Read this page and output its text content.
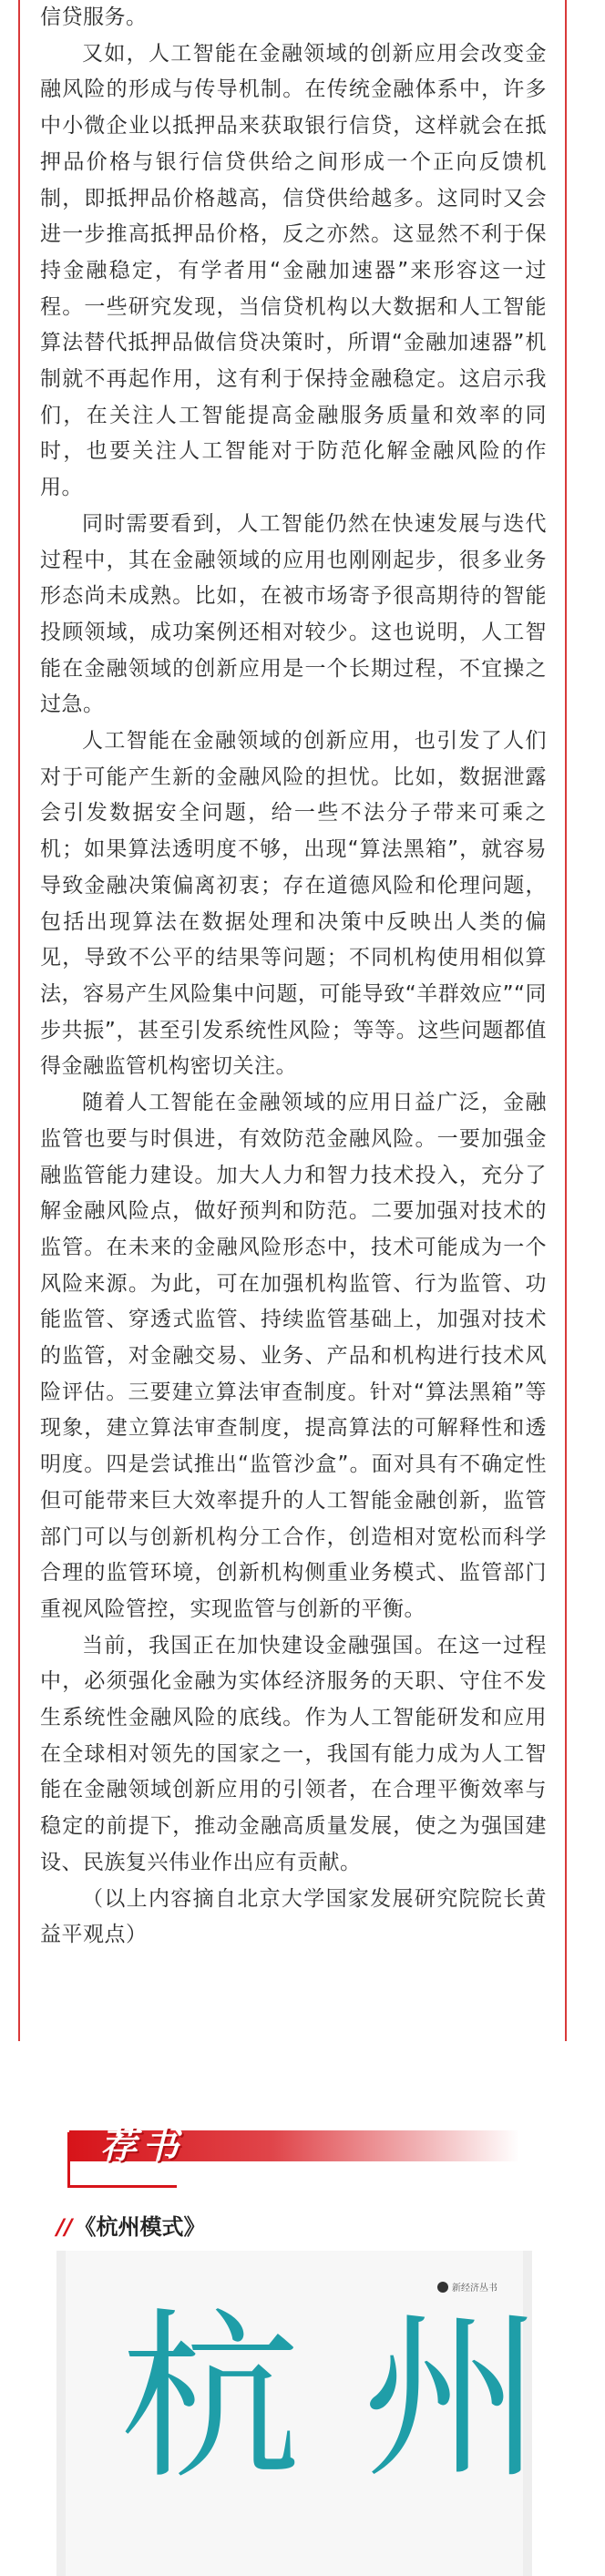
信贷服务。

又如，人工智能在金融领域的创新应用会改变金融风险的形成与传导机制。在传统金融体系中，许多中小微企业以抵押品来获取银行信贷，这样就会在抵押品价格与银行信贷供给之间形成一个正向反馈机制，即抵押品价格越高，信贷供给越多。这同时又会进一步推高抵押品价格，反之亦然。这显然不利于保持金融稳定，有学者用“金融加速器”来形容这一过程。一些研究发现，当信贷机构以大数据和人工智能算法替代抵押品做信贷决策时，所谓“金融加速器”机制就不再起作用，这有利于保持金融稳定。这启示我们，在关注人工智能提高金融服务质量和效率的同时，也要关注人工智能对于防范化解金融风险的作用。

同时需要看到，人工智能仍然在快速发展与迭代过程中，其在金融领域的应用也刚刚起步，很多业务形态尚未成熟。比如，在被市场寄予很高期待的智能投顾领域，成功案例还相对较少。这也说明，人工智能在金融领域的创新应用是一个长期过程，不宜操之过急。

人工智能在金融领域的创新应用，也引发了人们对于可能产生新的金融风险的担忧。比如，数据泄露会引发数据安全问题，给一些不法分子带来可乘之机；如果算法透明度不够，出现“算法黑箱”，就容易导致金融决策偏离初衷；存在道德风险和伦理问题，包括出现算法在数据处理和决策中反映出人类的偏见，导致不公平的结果等问题；不同机构使用相似算法，容易产生风险集中问题，可能导致“羊群效应”“同步共振”，甚至引发系统性风险；等等。这些问题都值得金融监管机构密切关注。

随着人工智能在金融领域的应用日益广泛，金融监管也要与时俱进，有效防范金融风险。一要加强金融监管能力建设。加大人力和智力技术投入，充分了解金融风险点，做好预判和防范。二要加强对技术的监管。在未来的金融风险形态中，技术可能成为一个风险来源。为此，可在加强机构监管、行为监管、功能监管、穿透式监管、持续监管基础上，加强对技术的监管，对金融交易、业务、产品和机构进行技术风险评估。三要建立算法审查制度。针对“算法黑箱”等现象，建立算法审查制度，提高算法的可解释性和透明度。四是尝试推出“监管沙盒”。面对具有不确定性但可能带来巨大效率提升的人工智能金融创新，监管部门可以与创新机构分工合作，创造相对宽松而科学合理的监管环境，创新机构侧重业务模式、监管部门重视风险管控，实现监管与创新的平衡。

当前，我国正在加快建设金融强国。在这一过程中，必须强化金融为实体经济服务的天职、守住不发生系统性金融风险的底线。作为人工智能研发和应用在全球相对领先的国家之一，我国有能力成为人工智能在金融领域创新应用的引领者，在合理平衡效率与稳定的前提下，推动金融高质量发展，使之为强国建设、民族复兴伟业作出应有贡献。

（以上内容摘自北京大学国家发展研究院院长黄益平观点）

荐书
//《杭州模式》
新经济丛书
杭州
